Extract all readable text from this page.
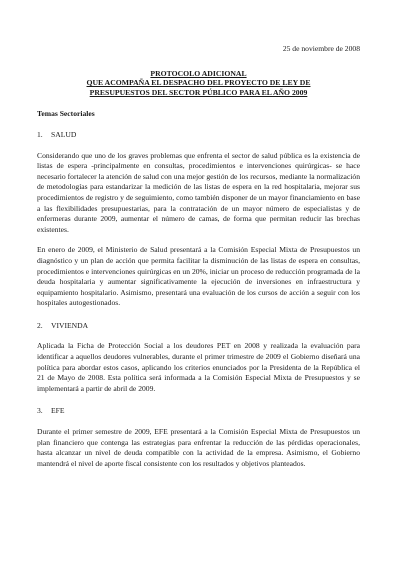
25 de noviembre de 2008
PROTOCOLO ADICIONAL
QUE ACOMPAÑA EL DESPACHO DEL PROYECTO DE LEY DE
PRESUPUESTOS DEL SECTOR PÚBLICO PARA EL AÑO 2009
Temas Sectoriales
1. SALUD

Considerando que uno de los graves problemas que enfrenta el sector de salud pública es la existencia de listas de espera -principalmente en consultas, procedimientos e intervenciones quirúrgicas- se hace necesario fortalecer la atención de salud con una mejor gestión de los recursos, mediante la normalización de metodologías para estandarizar la medición de las listas de espera en la red hospitalaria, mejorar sus procedimientos de registro y de seguimiento, como también disponer de un mayor financiamiento en base a las flexibilidades presupuestarias, para la contratación de un mayor número de especialistas y de enfermeras durante 2009, aumentar el número de camas, de forma que permitan reducir las brechas existentes.

En enero de 2009, el Ministerio de Salud presentará a la Comisión Especial Mixta de Presupuestos un diagnóstico y un plan de acción que permita facilitar la disminución de las listas de espera en consultas, procedimientos e intervenciones quirúrgicas en un 20%, iniciar un proceso de reducción programada de la deuda hospitalaria y aumentar significativamente la ejecución de inversiones en infraestructura y equipamiento hospitalario. Asimismo, presentará una evaluación de los cursos de acción a seguir con los hospitales autogestionados.

2. VIVIENDA

Aplicada la Ficha de Protección Social a los deudores PET en 2008 y realizada la evaluación para identificar a aquellos deudores vulnerables, durante el primer trimestre de 2009 el Gobierno diseñará una política para abordar estos casos, aplicando los criterios enunciados por la Presidenta de la República el 21 de Mayo de 2008. Esta política será informada a la Comisión Especial Mixta de Presupuestos y se implementará a partir de abril de 2009.

3. EFE

Durante el primer semestre de 2009, EFE presentará a la Comisión Especial Mixta de Presupuestos un plan financiero que contenga las estrategias para enfrentar la reducción de las pérdidas operacionales, hasta alcanzar un nivel de deuda compatible con la actividad de la empresa. Asimismo, el Gobierno mantendrá el nivel de aporte fiscal consistente con los resultados y objetivos planteados.
